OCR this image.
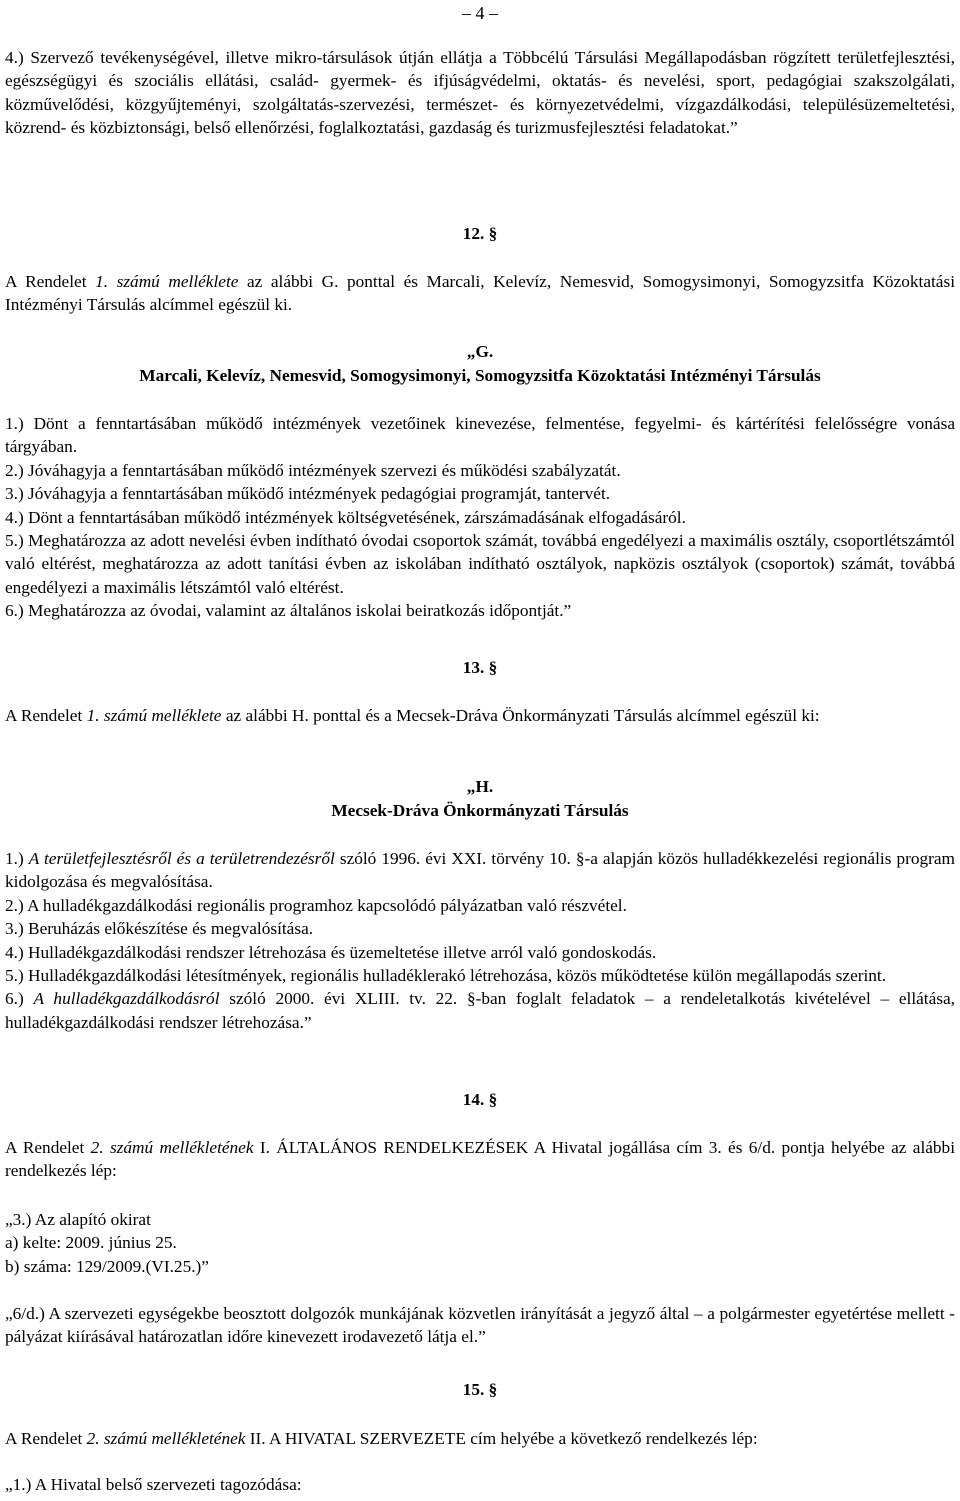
– 4 –

4.) Szervező tevékenységével, illetve mikro-társulások útján ellátja a Többcélú Társulási Megállapodásban rögzített területfejlesztési, egészségügyi és szociális ellátási, család- gyermek- és ifjúságvédelmi, oktatás- és nevelési, sport, pedagógiai szakszolgálati, közművelődési, közgyűjteményi, szolgáltatás-szervezési, természet- és környezetvédelmi, vízgazdálkodási, településüzemeltetési, közrend- és közbiztonsági, belső ellenőrzési, foglalkoztatási, gazdaság és turizmusfejlesztési feladatokat.”

12. §

A Rendelet 1. számú melléklete az alábbi G. ponttal és Marcali, Kelevíz, Nemesvid, Somogysimonyi, Somogyzsitfa Közoktatási Intézményi Társulás alcímmel egészül ki.

„G.
Marcali, Kelevíz, Nemesvid, Somogysimonyi, Somogyzsitfa Közoktatási Intézményi Társulás

1.) Dönt a fenntartásában működő intézmények vezetőinek kinevezése, felmentése, fegyelmi- és kártérítési felelősségre vonása tárgyában.

2.) Jóváhagyja a fenntartásában működő intézmények szervezi és működési szabályzatát.

3.) Jóváhagyja a fenntartásában működő intézmények pedagógiai programját, tantervét.

4.) Dönt a fenntartásában működő intézmények költségvetésének, zárszámadásának elfogadásáról.

5.) Meghatározza az adott nevelési évben indítható óvodai csoportok számát, továbbá engedélyezi a maximális osztály, csoportlétszámtól való eltérést, meghatározza az adott tanítási évben az iskolában indítható osztályok, napközis osztályok (csoportok) számát, továbbá engedélyezi a maximális létszámtól való eltérést.

6.) Meghatározza az óvodai, valamint az általános iskolai beiratkozás időpontját.”

13. §

A Rendelet 1. számú melléklete az alábbi H. ponttal és a Mecsek-Dráva Önkormányzati Társulás alcímmel egészül ki:

„H.
Mecsek-Dráva Önkormányzati Társulás

1.) A területfejlesztésről és a területrendezésről szóló 1996. évi XXI. törvény 10. §-a alapján közös hulladékkezelési regionális program kidolgozása és megvalósítása.

2.) A hulladékgazdálkodási regionális programhoz kapcsolódó pályázatban való részvétel.

3.) Beruházás előkészítése és megvalósítása.

4.) Hulladékgazdálkodási rendszer létrehozása és üzemeltetése illetve arról való gondoskodás.

5.) Hulladékgazdálkodási létesítmények, regionális hulladéklerakó létrehozása, közös működtetése külön megállapodás szerint.

6.) A hulladékgazdálkodásról szóló 2000. évi XLIII. tv. 22. §-ban foglalt feladatok – a rendeletalkotás kivételével – ellátása, hulladékgazdálkodási rendszer létrehozása.”

14. §

A Rendelet 2. számú mellékletének I. ÁLTALÁNOS RENDELKEZÉSEK A Hivatal jogállása cím 3. és 6/d. pontja helyébe az alábbi rendelkezés lép:

„3.) Az alapító okirat

a) kelte: 2009. június 25.

b) száma: 129/2009.(VI.25.)”

„6/d.) A szervezeti egységekbe beosztott dolgozók munkájának közvetlen irányítását a jegyző által – a polgármester egyetértése mellett - pályázat kiírásával határozatlan időre kinevezett irodavezető látja el.”

15. §

A Rendelet 2. számú mellékletének II. A HIVATAL SZERVEZETE cím helyébe a következő rendelkezés lép:

„1.) A Hivatal belső szervezeti tagozódása:
